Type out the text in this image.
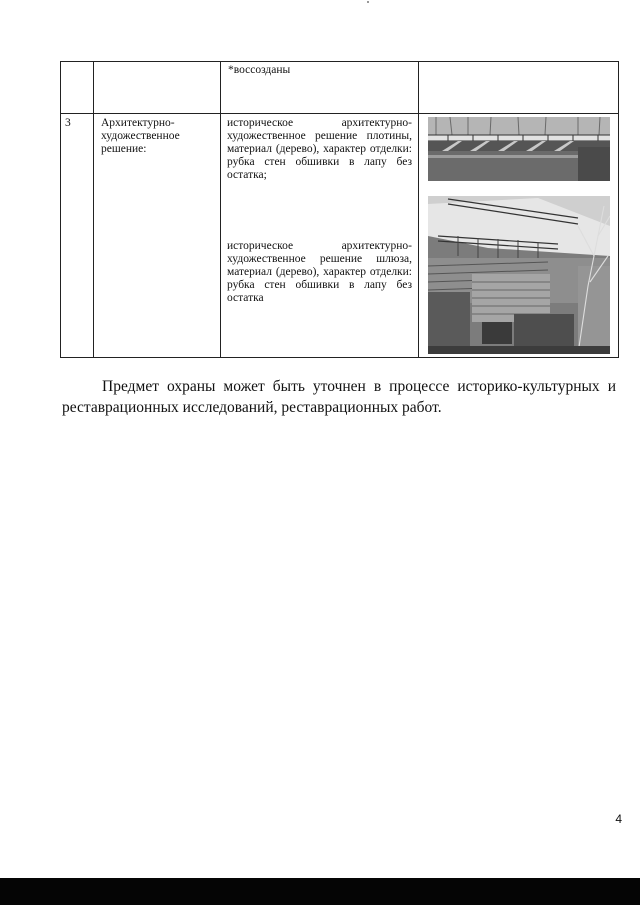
		*воссозданы	
3	Архитектурно-художественное решение:	историческое архитектурно-художественное решение плотины, материал (дерево), характер отделки: рубка стен обшивки в лапу без остатка;
историческое архитектурно-художественное решение шлюза, материал (дерево), характер отделки: рубка стен обшивки в лапу без остатка

Предмет охраны может быть уточнен в процессе историко-культурных и реставрационных исследований, реставрационных работ.
4
